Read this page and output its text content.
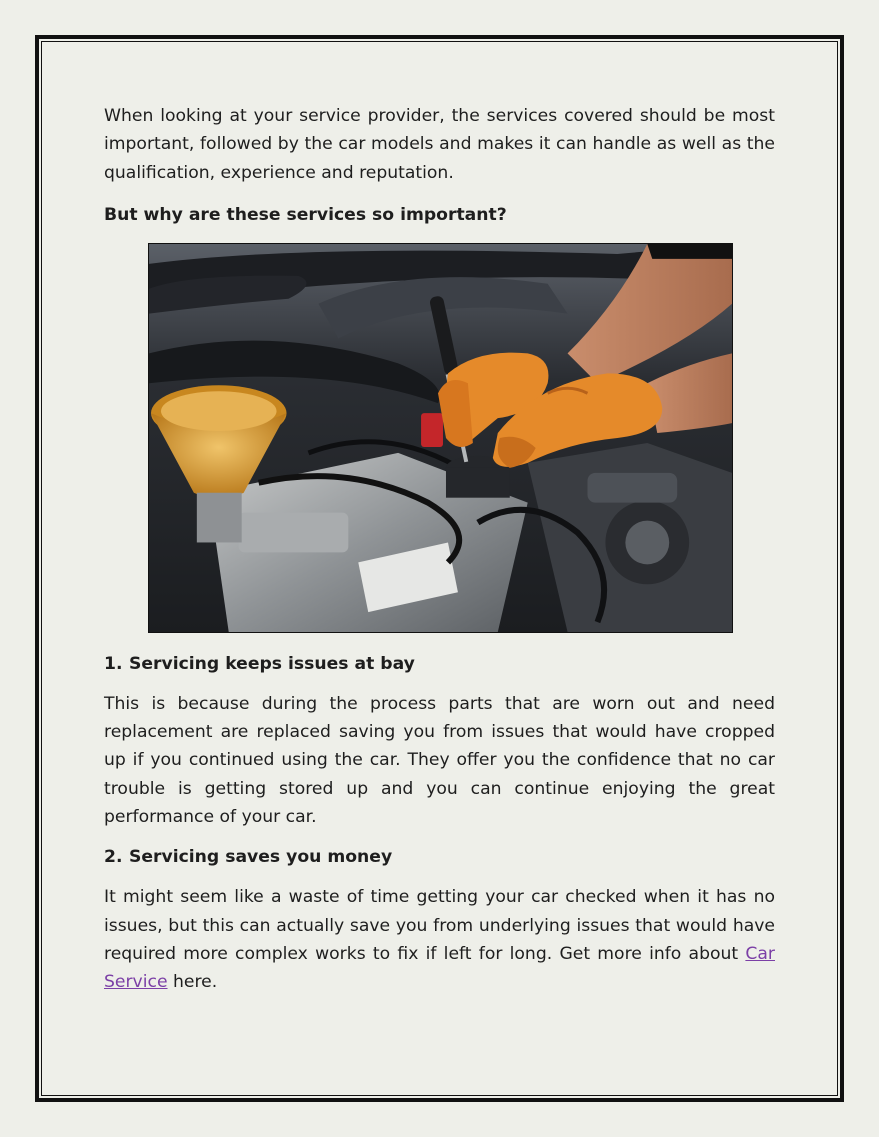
When looking at your service provider, the services covered should be most important, followed by the car models and makes it can handle as well as the qualification, experience and reputation.

But why are these services so important?
1. Servicing keeps issues at bay

This is because during the process parts that are worn out and need replacement are replaced saving you from issues that would have cropped up if you continued using the car. They offer you the confidence that no car trouble is getting stored up and you can continue enjoying the great performance of your car.

2. Servicing saves you money

It might seem like a waste of time getting your car checked when it has no issues, but this can actually save you from underlying issues that would have required more complex works to fix if left for long. Get more info about Car Service here.
